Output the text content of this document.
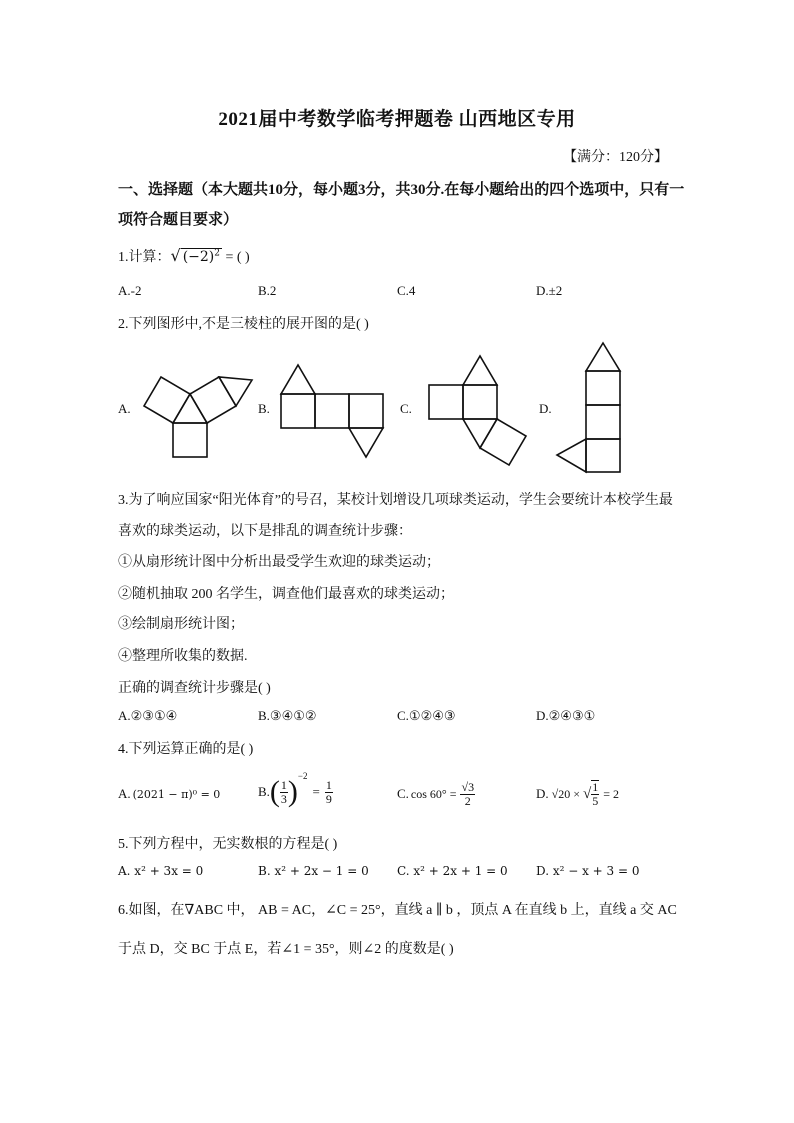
2021届中考数学临考押题卷 山西地区专用
【满分：120分】
一、选择题（本大题共10分，每小题3分，共30分.在每小题给出的四个选项中，只有一
项符合题目要求）
1.计算：√ $(-2)^2$ = ( )
A.-2	B.2	C.4	D.±2
2.下列图形中,不是三棱柱的展开图的是( )
A.	B.	C.	D.
3.为了响应国家“阳光体育”的号召，某校计划增设几项球类运动，学生会要统计本校学生最
喜欢的球类运动，以下是排乱的调查统计步骤：
①从扇形统计图中分析出最受学生欢迎的球类运动；
②随机抽取 200 名学生，调查他们最喜欢的球类运动；
③绘制扇形统计图；
④整理所收集的数据.
正确的调查统计步骤是( )
A.②③①④	B.③④①②	C.①②④③	D.②④③①
4.下列运算正确的是( )
A. (2021 − π)⁰ = 0	B. ( $\frac{1}{3} )^{-2}$
= $\frac{1}{9}$	C. $\cos 60^\circ = \frac{√3}{2}$	D. √20 × √ $\frac{1}{5} = 2$
5.下列方程中，无实数根的方程是( )
A. x² + 3x = 0	B. x² + 2x − 1 = 0 C. x² + 2x + 1 = 0 D. x² − x + 3 = 0
6.如图，在∇ABC 中， AB = AC，∠C = 25°，直线 a ∥ b ，顶点 A 在直线 b 上，直线 a 交 AC
于点 D，交 BC 于点 E，若∠1 = 35°，则∠2 的度数是( )
